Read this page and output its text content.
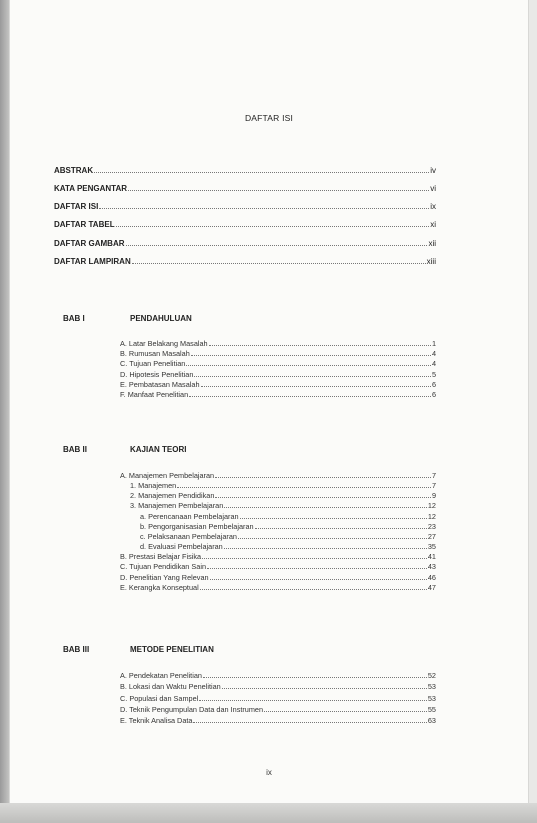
DAFTAR ISI
ABSTRAK	iv
KATA PENGANTAR	vi
DAFTAR ISI	ix
DAFTAR TABEL	xi
DAFTAR GAMBAR	xii
DAFTAR LAMPIRAN	xiii
BAB I	PENDAHULUAN
A. Latar Belakang Masalah	1
B. Rumusan Masalah	4
C. Tujuan Penelitian	4
D. Hipotesis Penelitian	5
E. Pembatasan Masalah	6
F. Manfaat Penelitian	6
BAB II	KAJIAN TEORI
A. Manajemen Pembelajaran	7
1. Manajemen	7
2. Manajemen Pendidikan	9
3. Manajemen Pembelajaran	12
a. Perencanaan Pembelajaran	12
b. Pengorganisasian Pembelajaran	23
c. Pelaksanaan Pembelajaran	27
d. Evaluasi Pembelajaran	35
B. Prestasi Belajar Fisika	41
C. Tujuan Pendidikan Sain	43
D. Penelitian Yang Relevan	46
E. Kerangka Konseptual	47
BAB III	METODE PENELITIAN
A. Pendekatan Penelitian	52
B. Lokasi dan Waktu Penelitian	53
C. Populasi dan Sampel	53
D. Teknik Pengumpulan Data dan Instrumen	55
E. Teknik Analisa Data	63
ix
